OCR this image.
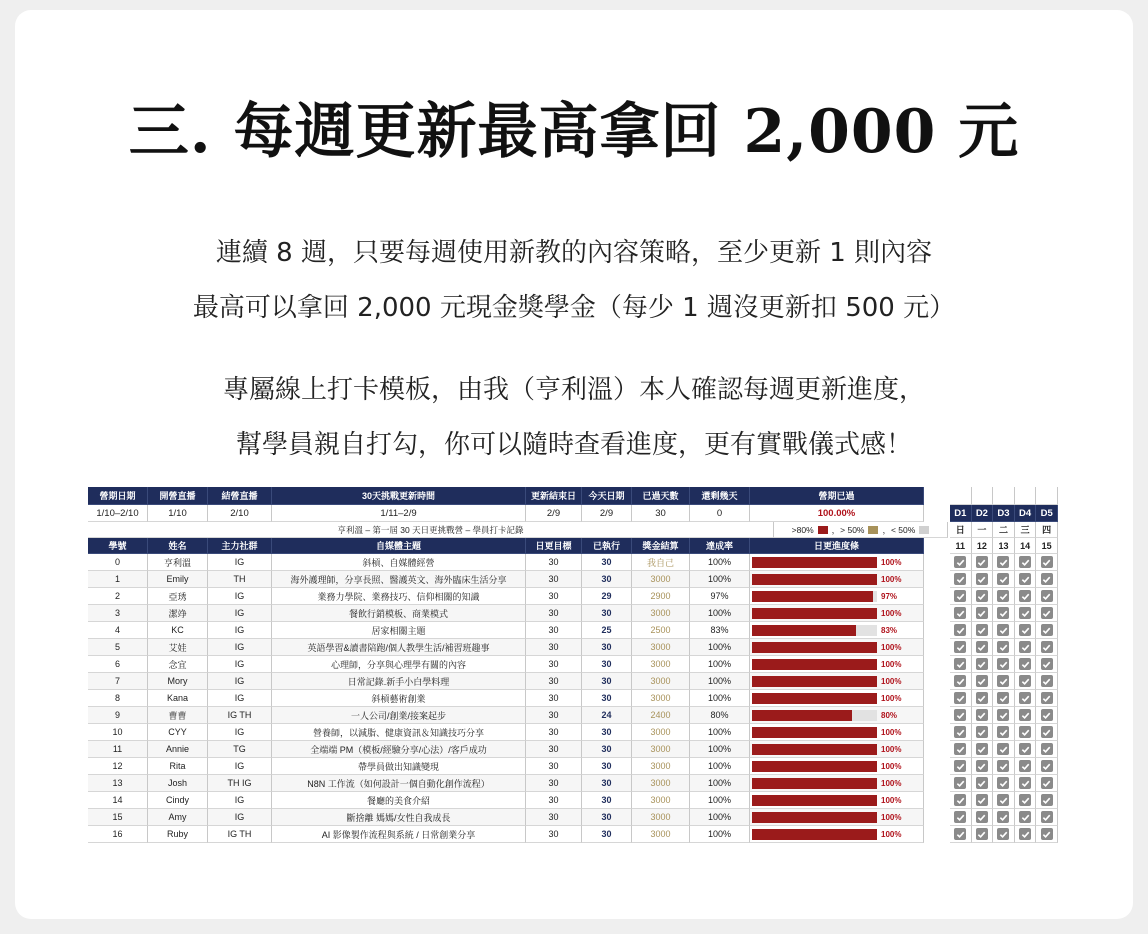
三. 每週更新最高拿回 2,000 元
連續 8 週，只要每週使用新教的內容策略，至少更新 1 則內容
最高可以拿回 2,000 元現金獎學金（每少 1 週沒更新扣 500 元）
專屬線上打卡模板，由我（亨利溫）本人確認每週更新進度，
幫學員親自打勾，你可以隨時查看進度，更有實戰儀式感！
營期日期	開營直播	結營直播	30天挑戰更新時間	更新結束日	今天日期	已過天數	還剩幾天	營期已過
1/10–2/10	1/10	2/10	1/11–2/9	2/9	2/9	30	0	100.00%
亨利溫 – 第一屆 30 天日更挑戰營 – 學員打卡記錄	>80% ，> 50% ，< 50%
學號	姓名	主力社群	自媒體主題	日更目標	已執行	獎金結算	達成率	日更進度條
0	亨利溫	IG	斜槓、自媒體經營	30	30	我自己	100%	100%
1	Emily	TH	海外護理師，分享長照、醫護英文、海外臨床生活分享	30	30	3000	100%	100%
2	亞琇	IG	業務力學院、業務技巧、信仰相關的知識	30	29	2900	97%	97%
3	潔竫	IG	餐飲行銷模板、商業模式	30	30	3000	100%	100%
4	KC	IG	居家相關主題	30	25	2500	83%	83%
5	艾娃	IG	英語學習&讀書陪跑/個人教學生活/補習班趣事	30	30	3000	100%	100%
6	念宜	IG	心理師，分享與心理學有關的內容	30	30	3000	100%	100%
7	Mory	IG	日常記錄.新手小白學料理	30	30	3000	100%	100%
8	Kana	IG	斜槓藝術創業	30	30	3000	100%	100%
9	曹曹	IG TH	一人公司/創業/接案起步	30	24	2400	80%	80%
10	CYY	IG	營養師，以減脂、健康資訊＆知識技巧分享	30	30	3000	100%	100%
11	Annie	TG	全端端 PM（模板/經驗分享/心法）/客戶成功	30	30	3000	100%	100%
12	Rita	IG	帶學員做出知識變現	30	30	3000	100%	100%
13	Josh	TH IG	N8N 工作流（如何設計一個自動化創作流程）	30	30	3000	100%	100%
14	Cindy	IG	餐廳的美食介紹	30	30	3000	100%	100%
15	Amy	IG	斷捨離 媽媽/女性自我成長	30	30	3000	100%	100%
16	Ruby	IG TH	AI 影像製作流程與系統 / 日常創業分享	30	30	3000	100%	100%
D1 D2 D3 D4 D5
日	一	二	三	四
11	12	13	14	15
